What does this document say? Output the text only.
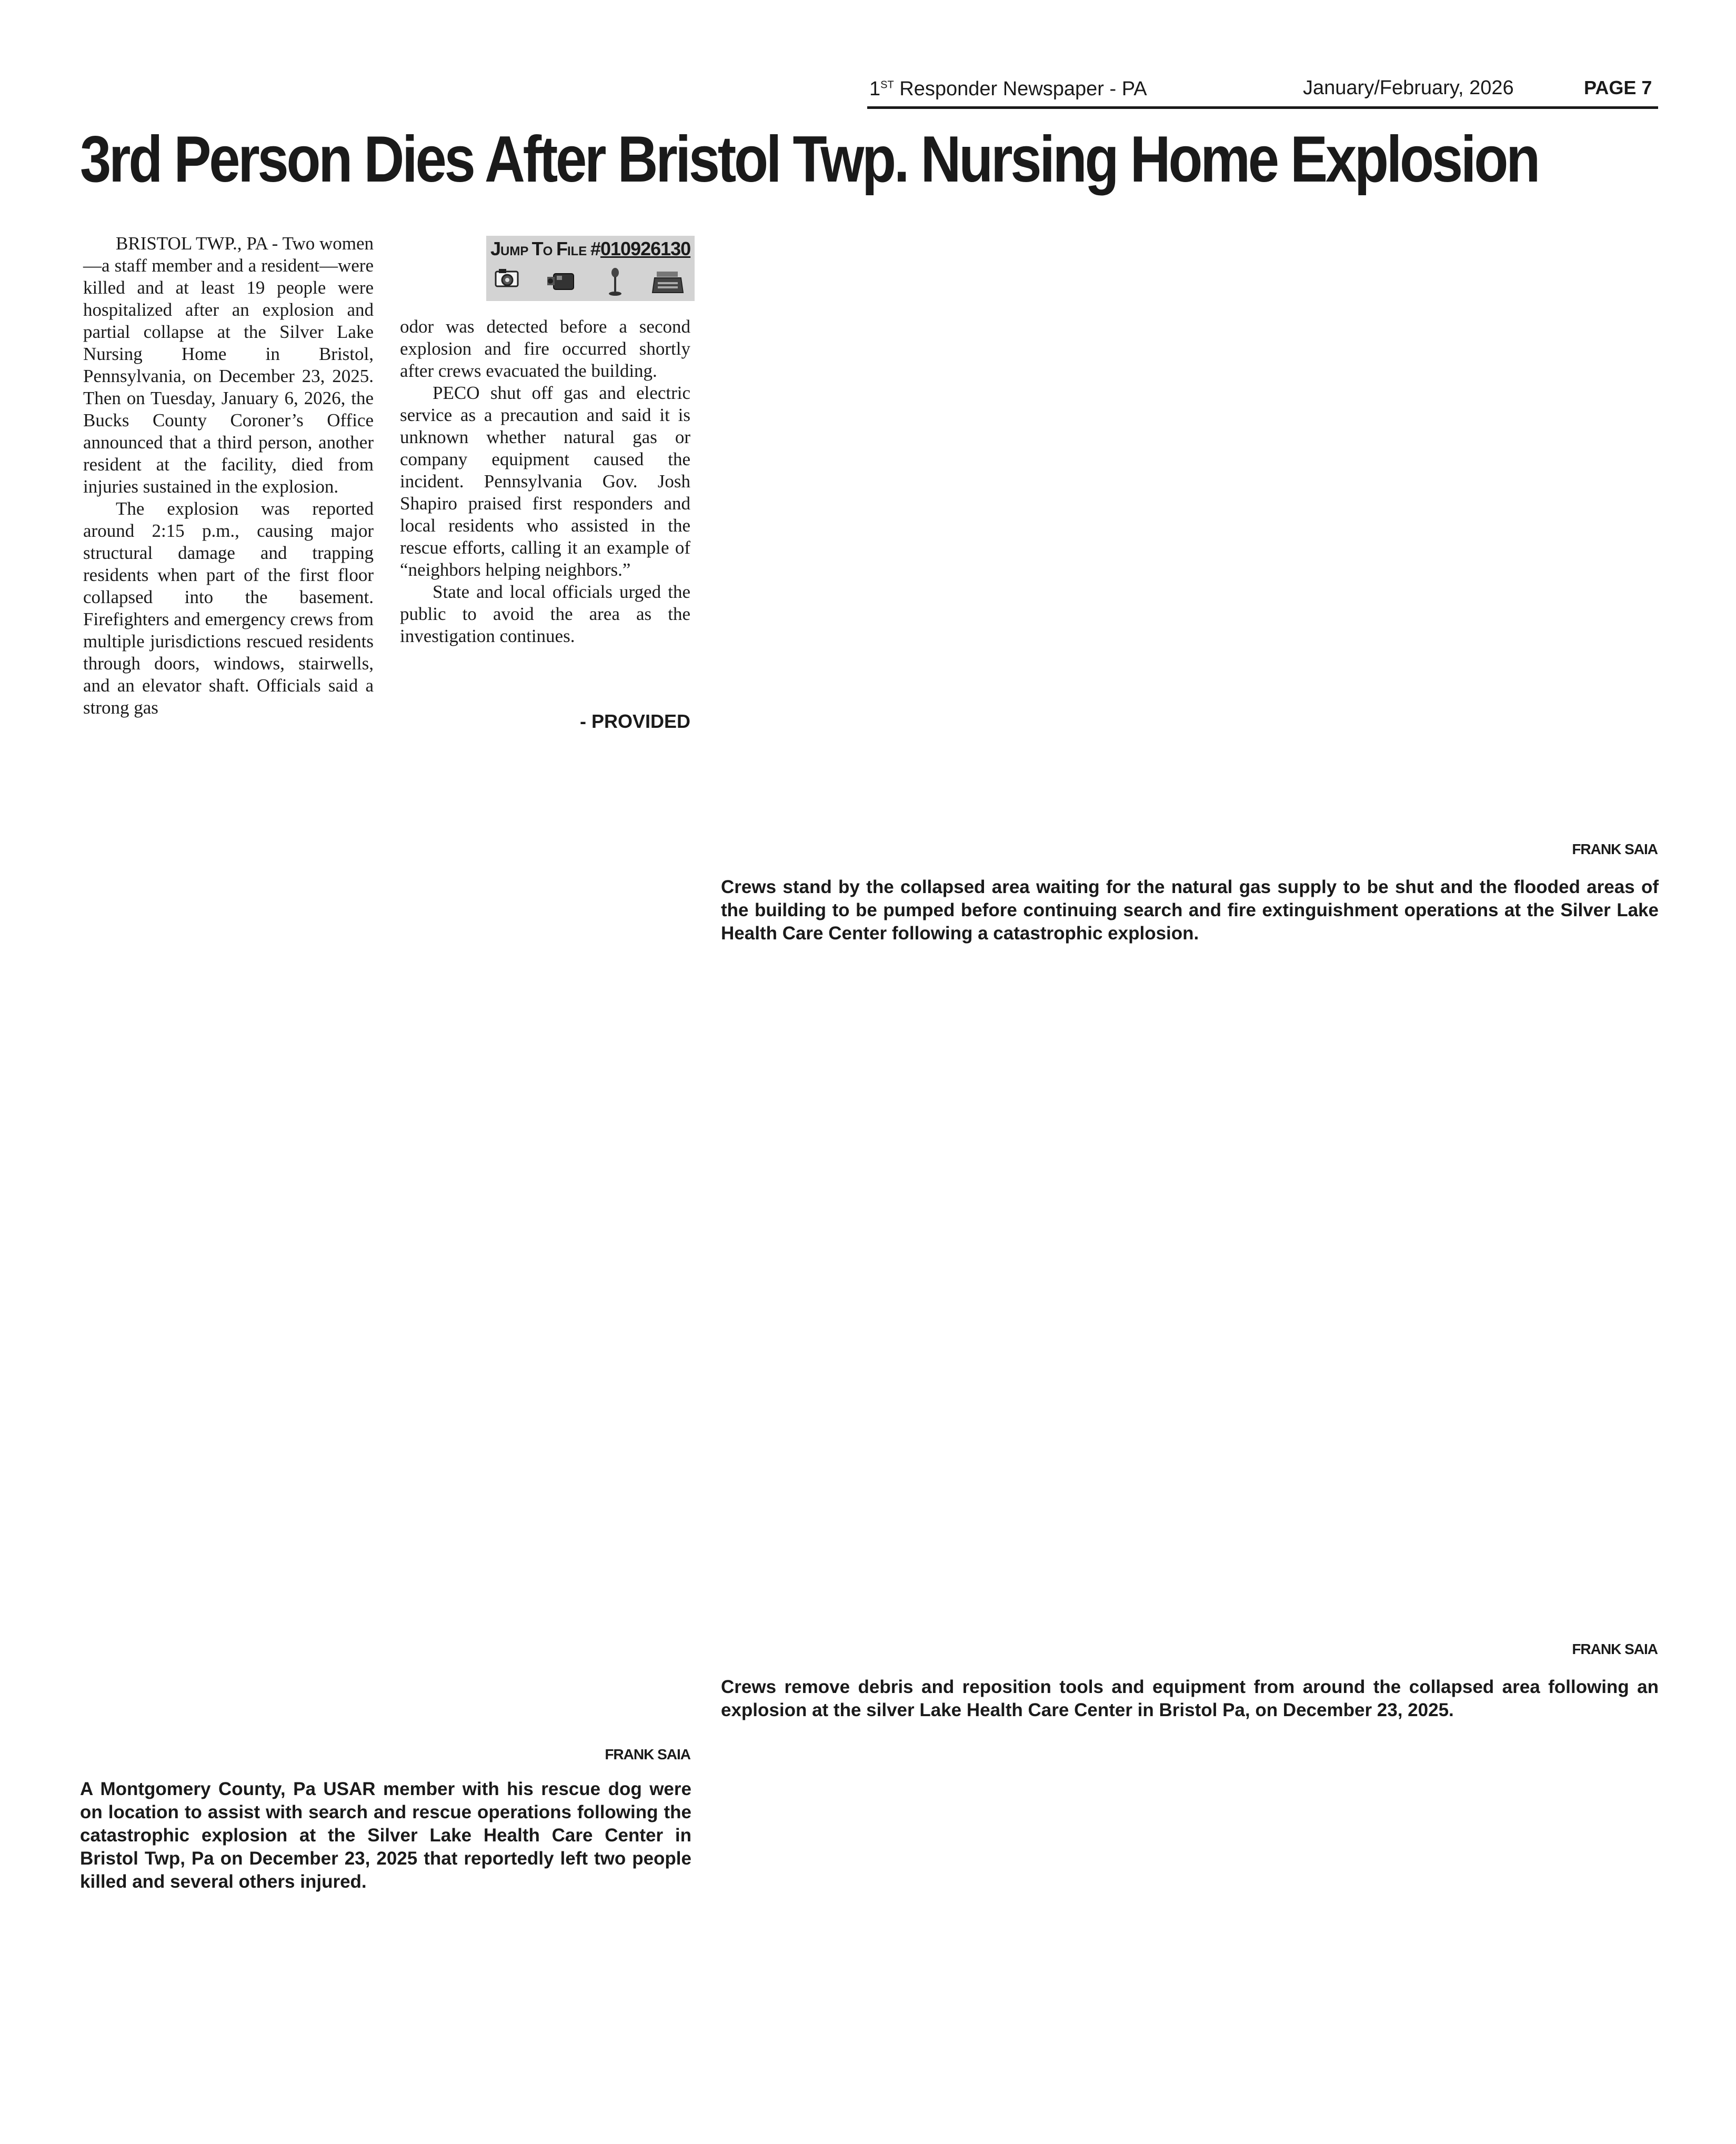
1ST Responder Newspaper - PA	January/February, 2026	PAGE 7
3rd Person Dies After Bristol Twp. Nursing Home Explosion

BRISTOL TWP., PA - Two women—a staff member and a resident—were killed and at least 19 people were hospitalized after an explosion and partial collapse at the Silver Lake Nursing Home in Bristol, Pennsylvania, on December 23, 2025. Then on Tuesday, January 6, 2026, the Bucks County Coroner’s Office announced that a third person, another resident at the facility, died from injuries sustained in the explosion.

The explosion was reported around 2:15 p.m., causing major structural damage and trapping residents when part of the first floor collapsed into the basement. Firefighters and emergency crews from multiple jurisdictions rescued residents through doors, windows, stairwells, and an elevator shaft. Officials said a strong gas

JUMP TO FILE #010926130

odor was detected before a second explosion and fire occurred shortly after crews evacuated the building.

PECO shut off gas and electric service as a precaution and said it is unknown whether natural gas or company equipment caused the incident. Pennsylvania Gov. Josh Shapiro praised first responders and local residents who assisted in the rescue efforts, calling it an example of “neighbors helping neighbors.”

State and local officials urged the public to avoid the area as the investigation continues.

- PROVIDED
FRANK SAIA
Crews stand by the collapsed area waiting for the natural gas supply to be shut and the flooded areas of the building to be pumped before continuing search and fire extinguishment operations at the Silver Lake Health Care Center following a catastrophic explosion.
FRANK SAIA
Crews remove debris and reposition tools and equipment from around the collapsed area following an explosion at the silver Lake Health Care Center in Bristol Pa, on December 23, 2025.
FRANK SAIA
A Montgomery County, Pa USAR member with his rescue dog were on location to assist with search and rescue operations following the catastrophic explosion at the Silver Lake Health Care Center in Bristol Twp, Pa on December 23, 2025 that reportedly left two people killed and several others injured.
